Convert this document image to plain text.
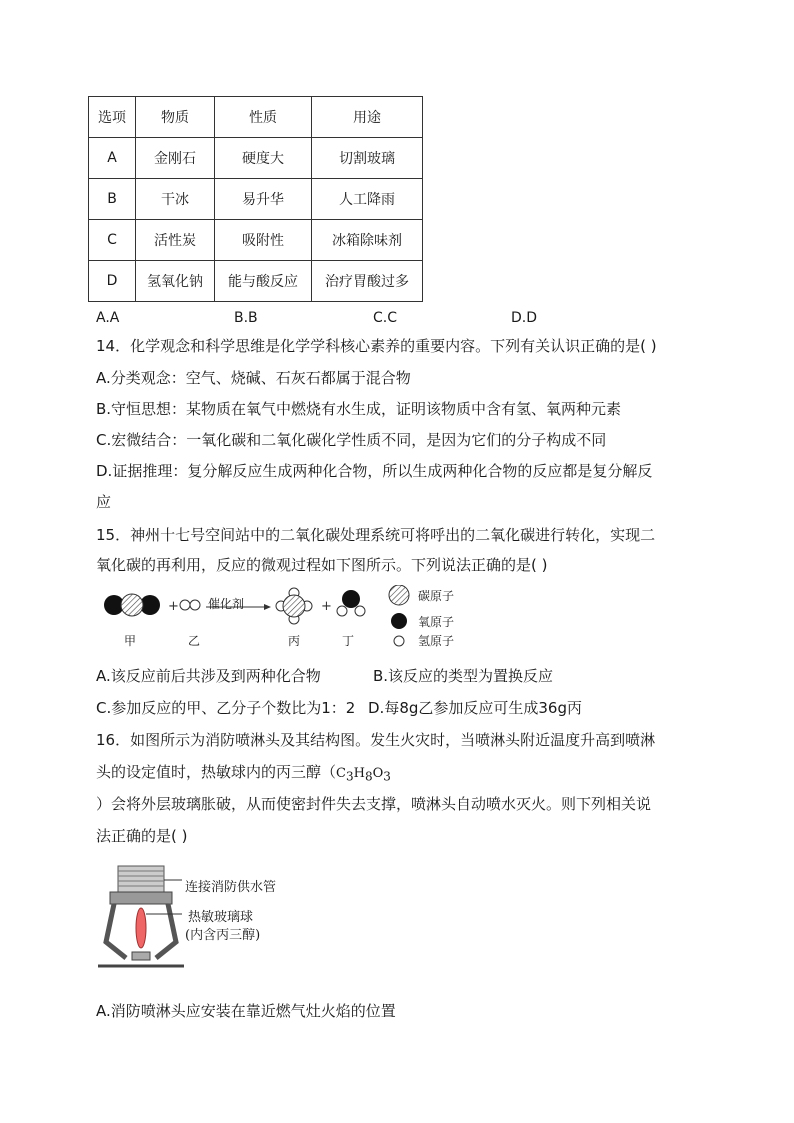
选项	物质	性质	用途
A	金刚石	硬度大	切割玻璃
B	干冰	易升华	人工降雨
C	活性炭	吸附性	冰箱除味剂
D	氢氧化钠	能与酸反应	治疗胃酸过多
A.A	B.B	C.C	D.D
14．化学观念和科学思维是化学学科核心素养的重要内容。下列有关认识正确的是( )
A.分类观念：空气、烧碱、石灰石都属于混合物
B.守恒思想：某物质在氧气中燃烧有水生成，证明该物质中含有氢、氧两种元素
C.宏微结合：一氧化碳和二氧化碳化学性质不同，是因为它们的分子构成不同
D.证据推理：复分解反应生成两种化合物，所以生成两种化合物的反应都是复分解反
应
15．神州十七号空间站中的二氧化碳处理系统可将呼出的二氧化碳进行转化，实现二
氧化碳的再利用，反应的微观过程如下图所示。下列说法正确的是( )
+	+
催化剂
甲	乙	丙	丁
碳原子
氧原子
氢原子
A.该反应前后共涉及到两种化合物	B.该反应的类型为置换反应
C.参加反应的甲、乙分子个数比为1：2 D.每8g乙参加反应可生成36g丙
16．如图所示为消防喷淋头及其结构图。发生火灾时，当喷淋头附近温度升高到喷淋
头的设定值时，热敏球内的丙三醇（$C_3H_8O_3$
）会将外层玻璃胀破，从而使密封件失去支撑，喷淋头自动喷水灭火。则下列相关说
法正确的是( )
连接消防供水管
热敏玻璃球
(内含丙三醇)
A.消防喷淋头应安装在靠近燃气灶火焰的位置
